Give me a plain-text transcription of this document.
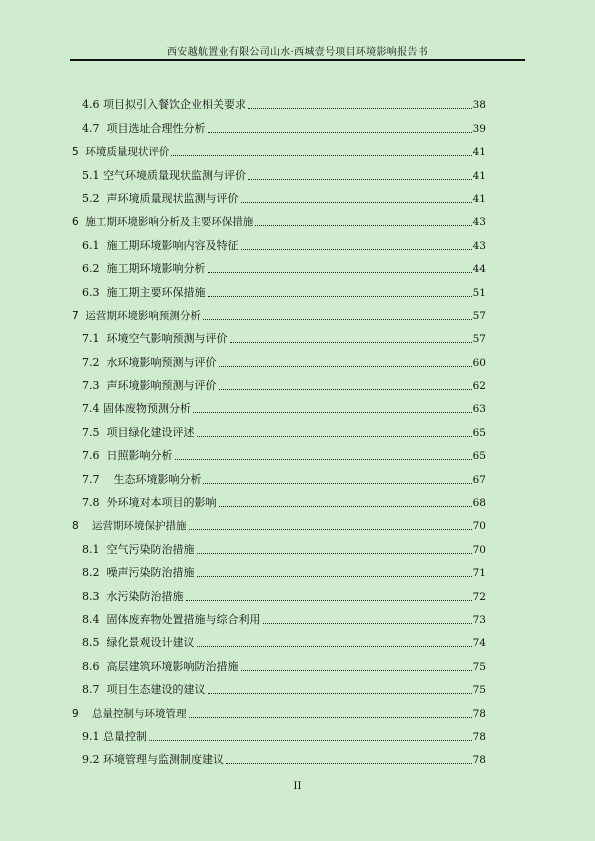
西安越航置业有限公司山水·西城壹号项目环境影响报告书
4.6 项目拟引入餐饮企业相关要求	38
4.7  项目选址合理性分析	39
5  环境质量现状评价	41
5.1 空气环境质量现状监测与评价	41
5.2  声环境质量现状监测与评价	41
6  施工期环境影响分析及主要环保措施	43
6.1  施工期环境影响内容及特征	43
6.2  施工期环境影响分析	44
6.3  施工期主要环保措施	51
7  运营期环境影响预测分析	57
7.1  环境空气影响预测与评价	57
7.2  水环境影响预测与评价	60
7.3  声环境影响预测与评价	62
7.4 固体废物预测分析	63
7.5  项目绿化建设评述	65
7.6  日照影响分析	65
7.7    生态环境影响分析	67
7.8  外环境对本项目的影响	68
8    运营期环境保护措施	70
8.1  空气污染防治措施	70
8.2  噪声污染防治措施	71
8.3  水污染防治措施	72
8.4  固体废弃物处置措施与综合利用	73
8.5  绿化景观设计建议	74
8.6  高层建筑环境影响防治措施	75
8.7  项目生态建设的建议	75
9    总量控制与环境管理	78
9.1 总量控制	78
9.2 环境管理与监测制度建议	78
II
